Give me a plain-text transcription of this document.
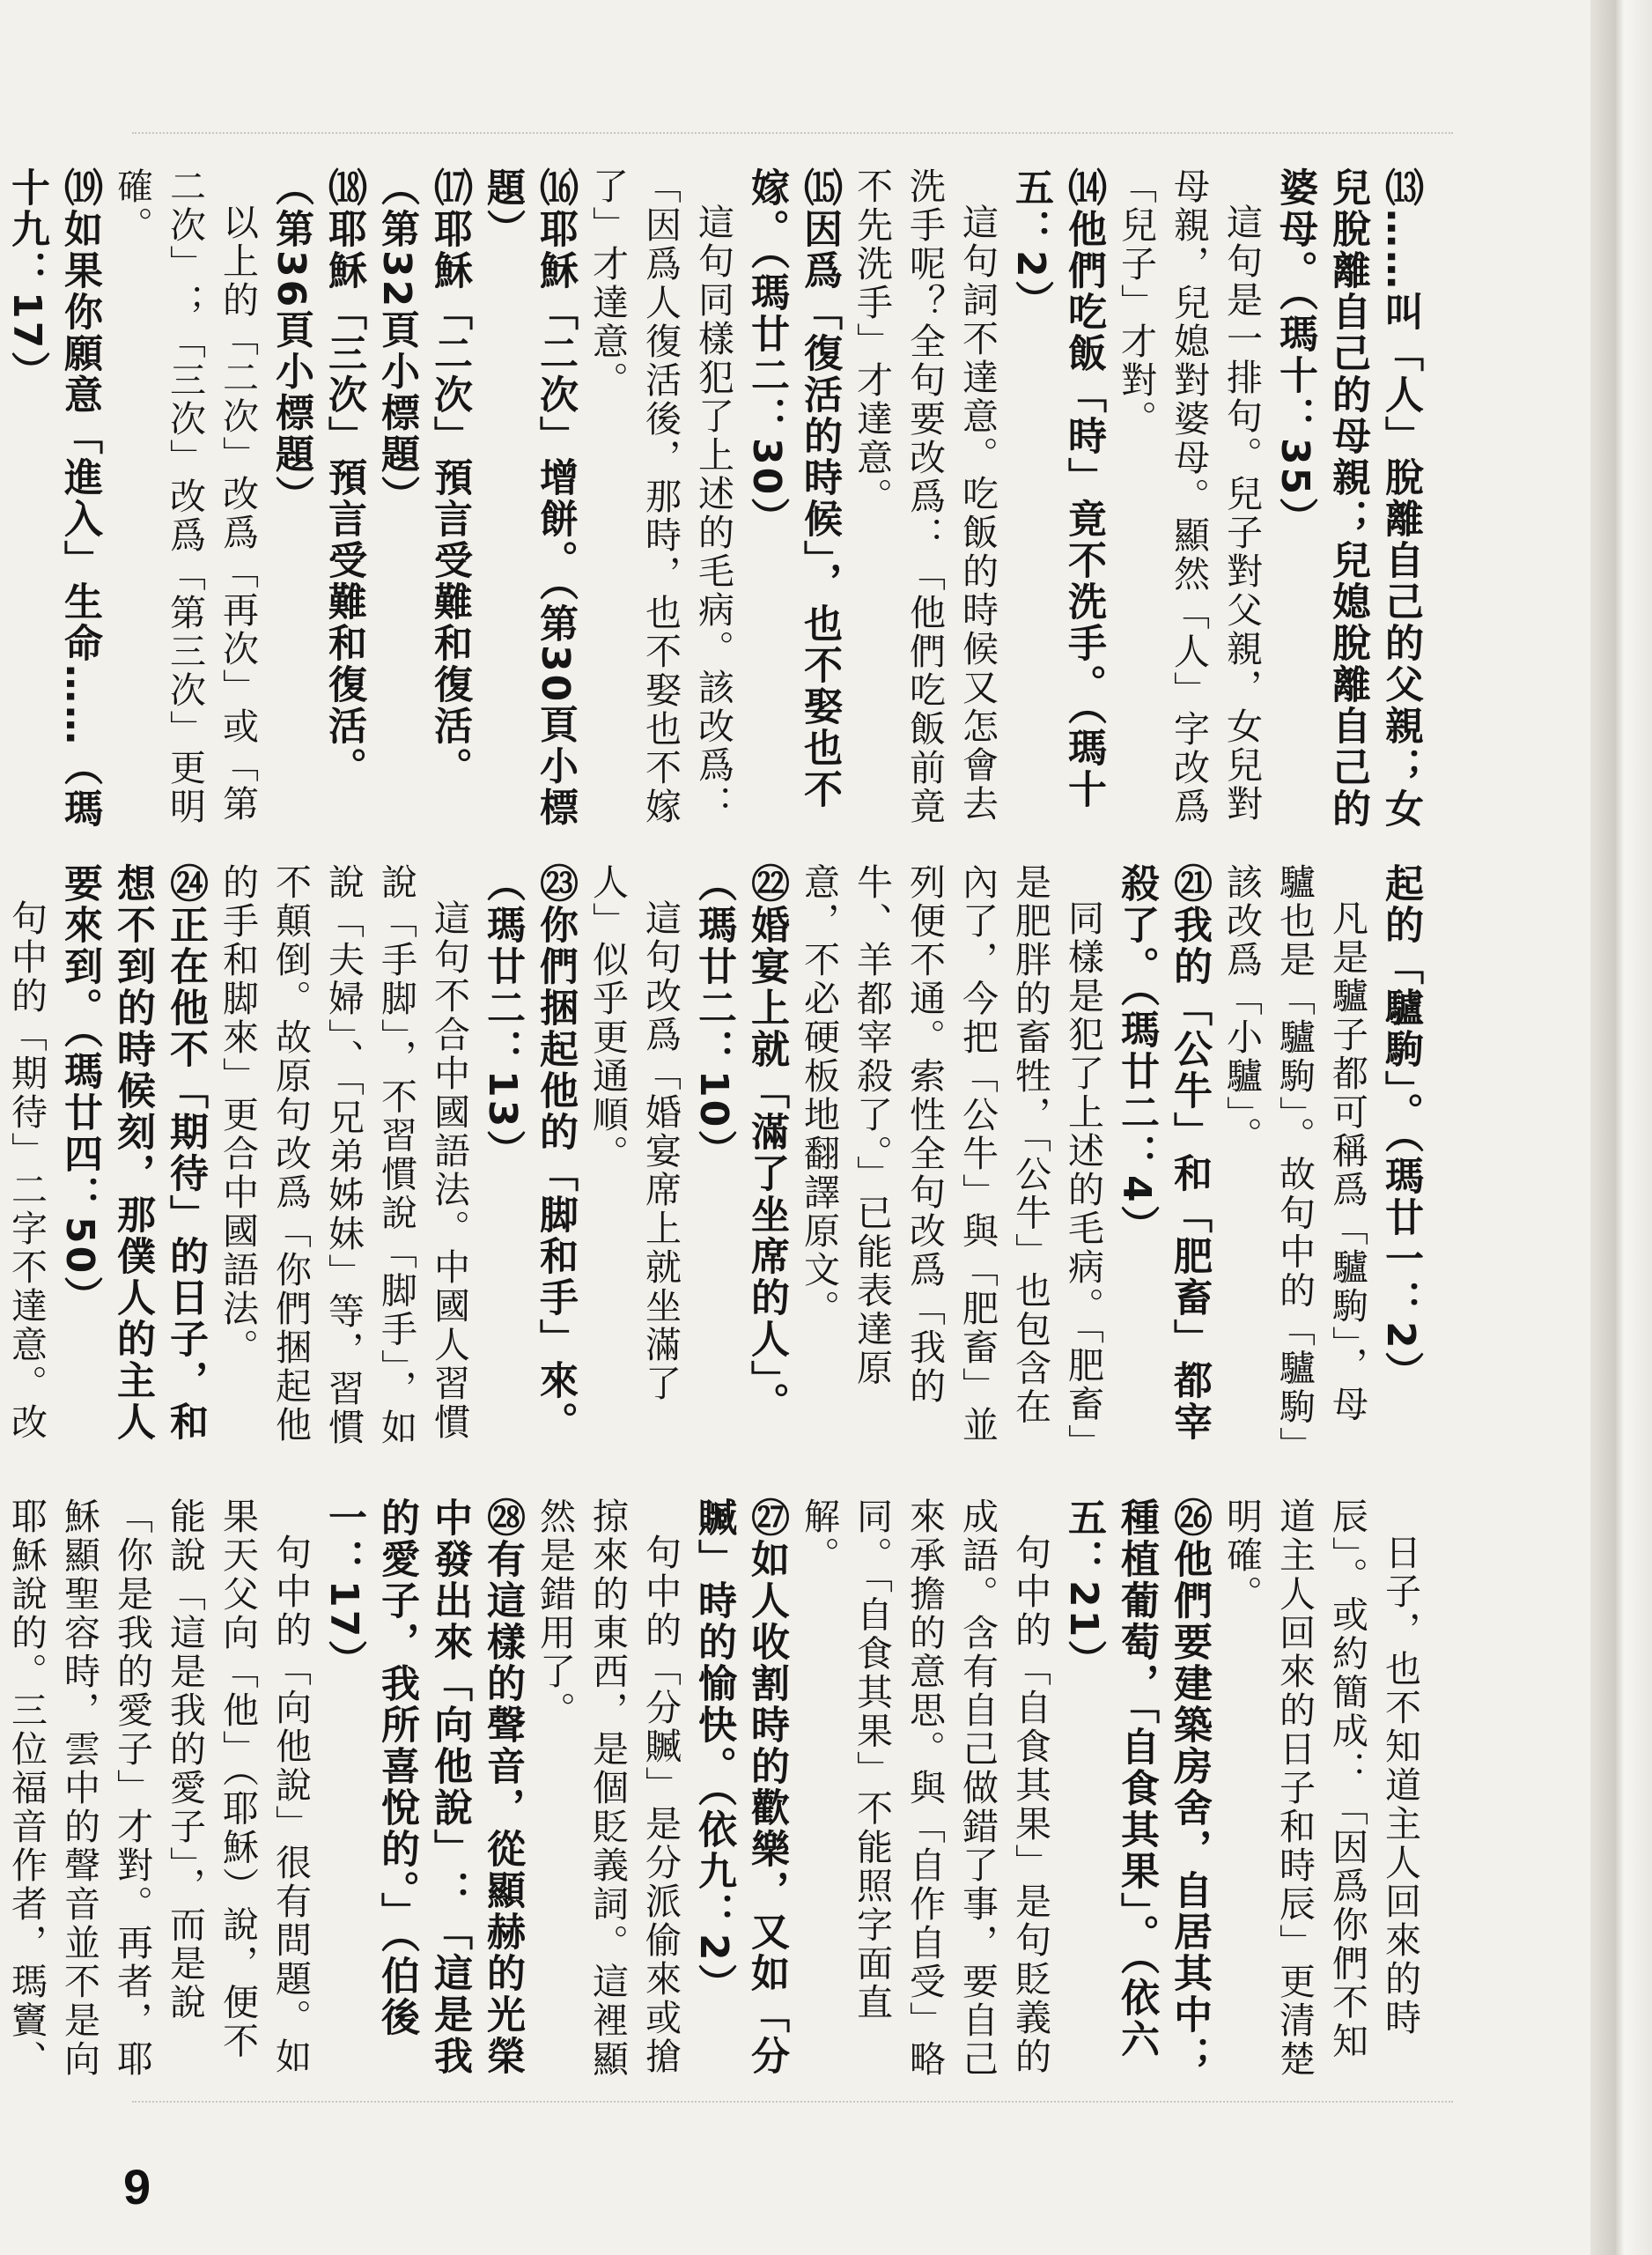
⒀……叫「人」脫離自己的父親；女兒脫離自己的母親；兒媳脫離自己的婆母。（瑪十：35）
這句是一排句。兒子對父親，女兒對母親，兒媳對婆母。顯然「人」字改爲「兒子」才對。
⒁他們吃飯「時」竟不洗手。（瑪十五：2）
這句詞不達意。吃飯的時候又怎會去洗手呢？全句要改爲：「他們吃飯前竟不先洗手」才達意。
⒂因爲「復活的時候」，也不娶也不嫁。（瑪廿二：30）
這句同樣犯了上述的毛病。該改爲：「因爲人復活後，那時，也不娶也不嫁了」才達意。
⒃耶穌「二次」增餅。（第30頁小標題）
⒄耶穌「二次」預言受難和復活。（第32頁小標題）
⒅耶穌「三次」預言受難和復活。（第36頁小標題）
以上的「二次」改爲「再次」或「第二次」；「三次」改爲「第三次」更明確。
⒆如果你願意「進入」生命……（瑪十九：17）
起的「驢駒」。（瑪廿一：2）
凡是驢子都可稱爲「驢駒」，母驢也是「驢駒」。故句中的「驢駒」該改爲「小驢」。
㉑我的「公牛」和「肥畜」都宰殺了。（瑪廿二：4）
同樣是犯了上述的毛病。「肥畜」是肥胖的畜牲，「公牛」也包含在內了，今把「公牛」與「肥畜」並列便不通。索性全句改爲「我的牛、羊都宰殺了。」已能表達原意，不必硬板地翻譯原文。
㉒婚宴上就「滿了坐席的人」。（瑪廿二：10）
這句改爲「婚宴席上就坐滿了人」似乎更通順。
㉓你們捆起他的「脚和手」來。（瑪廿二：13）
這句不合中國語法。中國人習慣說「手脚」，不習慣說「脚手」，如說「夫婦」、「兄弟姊妹」等，習慣不顛倒。故原句改爲「你們捆起他的手和脚來」更合中國語法。
㉔正在他不「期待」的日子，和想不到的時候刻，那僕人的主人要來到。（瑪廿四：50）
句中的「期待」二字不達意。改
日子，也不知道主人回來的時辰」。或約簡成：「因爲你們不知道主人回來的日子和時辰」更清楚明確。
㉖他們要建築房舍，自居其中；種植葡萄，「自食其果」。（依六五：21）
句中的「自食其果」是句貶義的成語。含有自己做錯了事，要自己來承擔的意思。與「自作自受」略同。「自食其果」不能照字面直解。
㉗如人收割時的歡樂，又如「分贓」時的愉快。（依九：2）
句中的「分贓」是分派偷來或搶掠來的東西，是個貶義詞。這裡顯然是錯用了。
㉘有這樣的聲音，從顯赫的光榮中發出來「向他說」：「這是我的愛子，我所喜悅的。」（伯後一：17）
句中的「向他說」很有問題。如果天父向「他」（耶穌）說，便不能說「這是我的愛子」，而是說「你是我的愛子」才對。再者，耶穌顯聖容時，雲中的聲音並不是向耶穌說的。三位福音作者，瑪竇、
9
